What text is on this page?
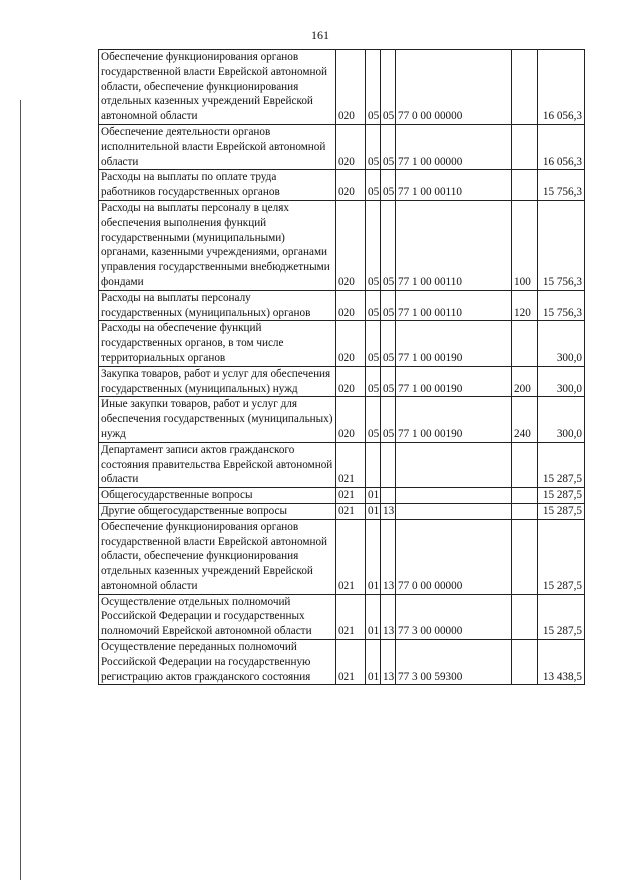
161
Обеспечение функционирования органов государственной власти Еврейской автономной области, обеспечение функционирования отдельных казенных учреждений Еврейской автономной области	020	05	05	77 0 00 00000		16 056,3
Обеспечение деятельности органов исполнительной власти Еврейской автономной области	020	05	05	77 1 00 00000		16 056,3
Расходы на выплаты по оплате труда работников государственных органов	020	05	05	77 1 00 00110		15 756,3
Расходы на выплаты персоналу в целях обеспечения выполнения функций государственными (муниципальными) органами, казенными учреждениями, органами управления государственными внебюджетными фондами	020	05	05	77 1 00 00110	100	15 756,3
Расходы на выплаты персоналу государственных (муниципальных) органов	020	05	05	77 1 00 00110	120	15 756,3
Расходы на обеспечение функций государственных органов, в том числе территориальных органов	020	05	05	77 1 00 00190		300,0
Закупка товаров, работ и услуг для обеспечения государственных (муниципальных) нужд	020	05	05	77 1 00 00190	200	300,0
Иные закупки товаров, работ и услуг для обеспечения государственных (муниципальных) нужд	020	05	05	77 1 00 00190	240	300,0
Департамент записи актов гражданского состояния правительства Еврейской автономной области	021					15 287,5
Общегосударственные вопросы	021	01				15 287,5
Другие общегосударственные вопросы	021	01	13			15 287,5
Обеспечение функционирования органов государственной власти Еврейской автономной области, обеспечение функционирования отдельных казенных учреждений Еврейской автономной области	021	01	13	77 0 00 00000		15 287,5
Осуществление отдельных полномочий Российской Федерации и государственных полномочий Еврейской автономной области	021	01	13	77 3 00 00000		15 287,5
Осуществление переданных полномочий Российской Федерации на государственную регистрацию актов гражданского состояния	021	01	13	77 3 00 59300		13 438,5
